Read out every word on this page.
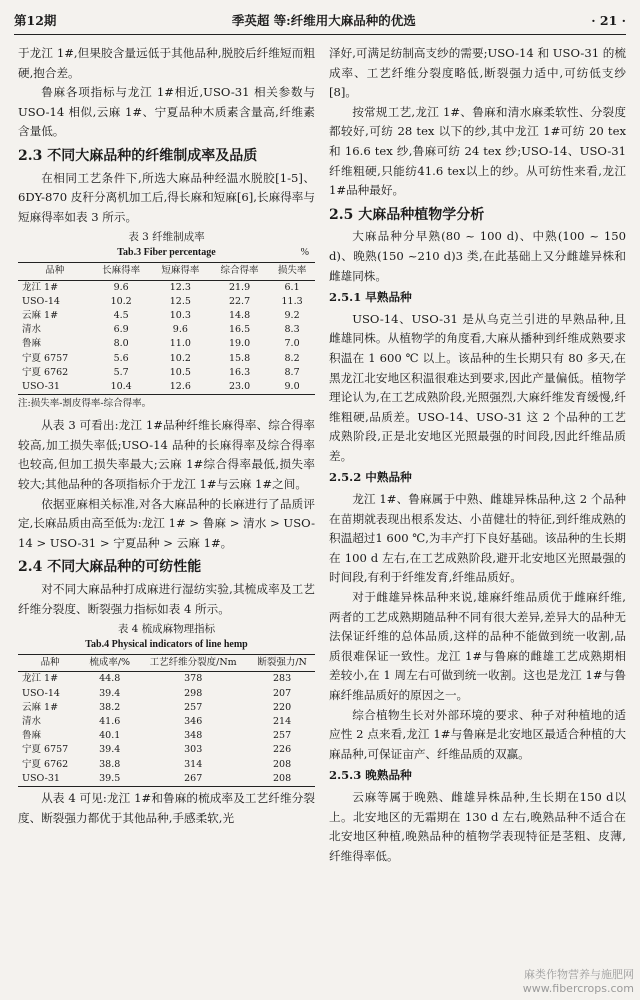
第12期	季英超 等:纤维用大麻品种的优选	· 21 ·

于龙江 1#,但果胶含量远低于其他品种,脱胶后纤维短而粗硬,抱合差。

鲁麻各项指标与龙江 1#相近,USO-31 相关参数与 USO-14 相似,云麻 1#、宁夏品种木质素含量高,纤维素含量低。

2.3 不同大麻品种的纤维制成率及品质

在相同工艺条件下,所选大麻品种经温水脱胶[1-5]、6DY-870 皮秆分离机加工后,得长麻和短麻[6],长麻得率与短麻得率如表 3 所示。

表 3 纤维制成率
Tab.3 Fiber percentage	%
品种	长麻得率	短麻得率	综合得率	损失率
龙江 1#	9.6	12.3	21.9	6.1
USO-14	10.2	12.5	22.7	11.3
云麻 1#	4.5	10.3	14.8	9.2
清水	6.9	9.6	16.5	8.3
鲁麻	8.0	11.0	19.0	7.0
宁夏 6757	5.6	10.2	15.8	8.2
宁夏 6762	5.7	10.5	16.3	8.7
USO-31	10.4	12.6	23.0	9.0
注:损失率-割皮得率-综合得率。

从表 3 可看出:龙江 1#品种纤维长麻得率、综合得率较高,加工损失率低;USO-14 品种的长麻得率及综合得率也较高,但加工损失率最大;云麻 1#综合得率最低,损失率较大;其他品种的各项指标介于龙江 1#与云麻 1#之间。

依据亚麻相关标准,对各大麻品种的长麻进行了品质评定,长麻品质由高至低为:龙江 1# > 鲁麻 > 清水 > USO-14 > USO-31 > 宁夏品种 > 云麻 1#。

2.4 不同大麻品种的可纺性能

对不同大麻品种打成麻进行湿纺实验,其梳成率及工艺纤维分裂度、断裂强力指标如表 4 所示。

表 4 梳成麻物理指标
Tab.4 Physical indicators of line hemp
品种	梳成率/%	工艺纤维分裂度/Nm	断裂强力/N
龙江 1#	44.8	378	283
USO-14	39.4	298	207
云麻 1#	38.2	257	220
清水	41.6	346	214
鲁麻	40.1	348	257
宁夏 6757	39.4	303	226
宁夏 6762	38.8	314	208
USO-31	39.5	267	208

从表 4 可见:龙江 1#和鲁麻的梳成率及工艺纤维分裂度、断裂强力都优于其他品种,手感柔软,光

泽好,可满足纺制高支纱的需要;USO-14 和 USO-31 的梳成率、工艺纤维分裂度略低,断裂强力适中,可纺低支纱[8]。

按常规工艺,龙江 1#、鲁麻和清水麻柔软性、分裂度都较好,可纺 28 tex 以下的纱,其中龙江 1#可纺 20 tex 和 16.6 tex 纱,鲁麻可纺 24 tex 纱;USO-14、USO-31 纤维粗硬,只能纺41.6 tex以上的纱。从可纺性来看,龙江 1#品种最好。

2.5 大麻品种植物学分析

大麻品种分早熟(80 ~ 100 d)、中熟(100 ~ 150 d)、晚熟(150 ~210 d)3 类,在此基础上又分雌雄异株和雌雄同株。

2.5.1 早熟品种

USO-14、USO-31 是从乌克兰引进的早熟品种,且雌雄同株。从植物学的角度看,大麻从播种到纤维成熟要求积温在 1 600 ℃ 以上。该品种的生长期只有 80 多天,在黑龙江北安地区积温很难达到要求,因此产量偏低。植物学理论认为,在工艺成熟阶段,光照强烈,大麻纤维发育缓慢,纤维粗硬,品质差。USO-14、USO-31 这 2 个品种的工艺成熟阶段,正是北安地区光照最强的时间段,因此纤维品质差。

2.5.2 中熟品种

龙江 1#、鲁麻属于中熟、雌雄异株品种,这 2 个品种在苗期就表现出根系发达、小苗健壮的特征,到纤维成熟的积温超过1 600 ℃,为丰产打下良好基础。该品种的生长期在 100 d 左右,在工艺成熟阶段,避开北安地区光照最强的时间段,有利于纤维发育,纤维品质好。

对于雌雄异株品种来说,雄麻纤维品质优于雌麻纤维,两者的工艺成熟期随品种不同有很大差异,差异大的品种无法保证纤维的总体品质,这样的品种不能做到统一收割,品质很难保证一致性。龙江 1#与鲁麻的雌雄工艺成熟期相差较小,在 1 周左右可做到统一收割。这也是龙江 1#与鲁麻纤维品质好的原因之一。

综合植物生长对外部环境的要求、种子对种植地的适应性 2 点来看,龙江 1#与鲁麻是北安地区最适合种植的大麻品种,可保证亩产、纤维品质的双赢。

2.5.3 晚熟品种

云麻等属于晚熟、雌雄异株品种,生长期在150 d以上。北安地区的无霜期在 130 d 左右,晚熟品种不适合在北安地区种植,晚熟品种的植物学表现特征是茎粗、皮薄,纤维得率低。

麻类作物营养与施肥网
www.fibercrops.com
